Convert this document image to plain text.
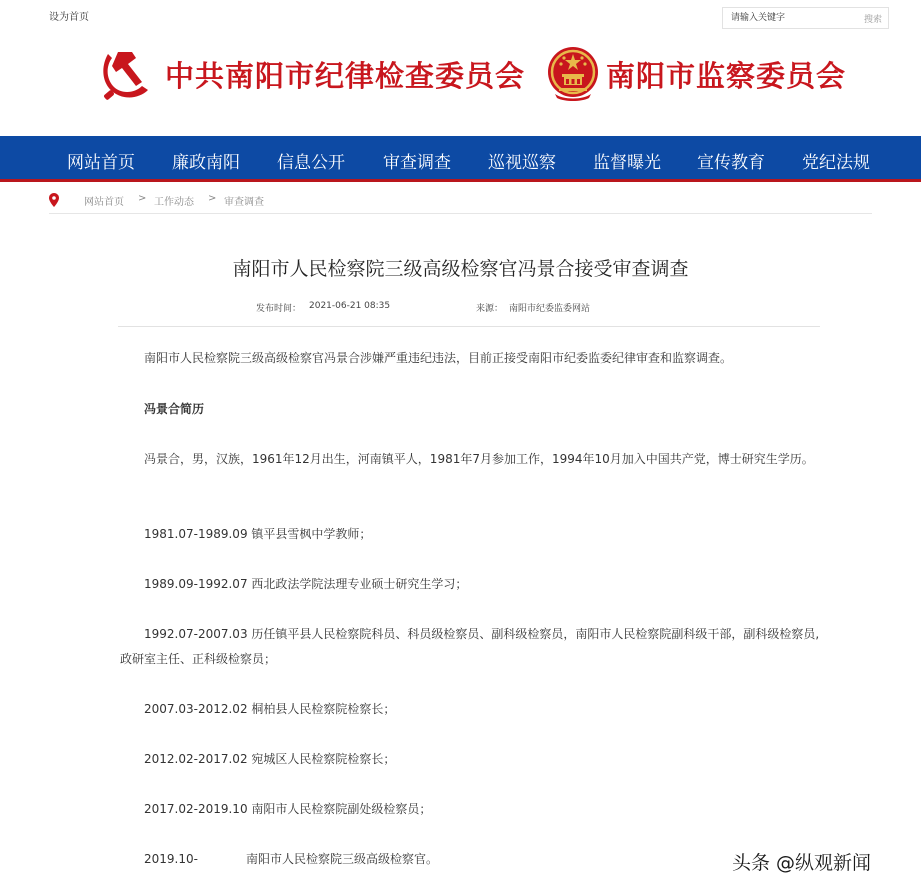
设为首页
请输入关键字	搜索
中共南阳市纪律检查委员会	南阳市监察委员会
网站首页 廉政南阳 信息公开 审查调查 巡视巡察 监督曝光 宣传教育 党纪法规
网站首页 > 工作动态 > 审查调查
南阳市人民检察院三级高级检察官冯景合接受审查调查
发布时间： 2021-06-21 08:35	来源： 南阳市纪委监委网站

南阳市人民检察院三级高级检察官冯景合涉嫌严重违纪违法，目前正接受南阳市纪委监委纪律审查和监察调查。

冯景合简历

冯景合，男，汉族，1961年12月出生，河南镇平人，1981年7月参加工作，1994年10月加入中国共产党，博士研究生学历。

1981.07-1989.09 镇平县雪枫中学教师；

1989.09-1992.07 西北政法学院法理专业硕士研究生学习；

1992.07-2007.03 历任镇平县人民检察院科员、科员级检察员、副科级检察员，南阳市人民检察院副科级干部，副科级检察员,政研室主任、正科级检察员；

2007.03-2012.02 桐柏县人民检察院检察长；

2012.02-2017.02 宛城区人民检察院检察长；

2017.02-2019.10 南阳市人民检察院副处级检察员；

2019.10-　　　　南阳市人民检察院三级高级检察官。	头条 @纵观新闻
